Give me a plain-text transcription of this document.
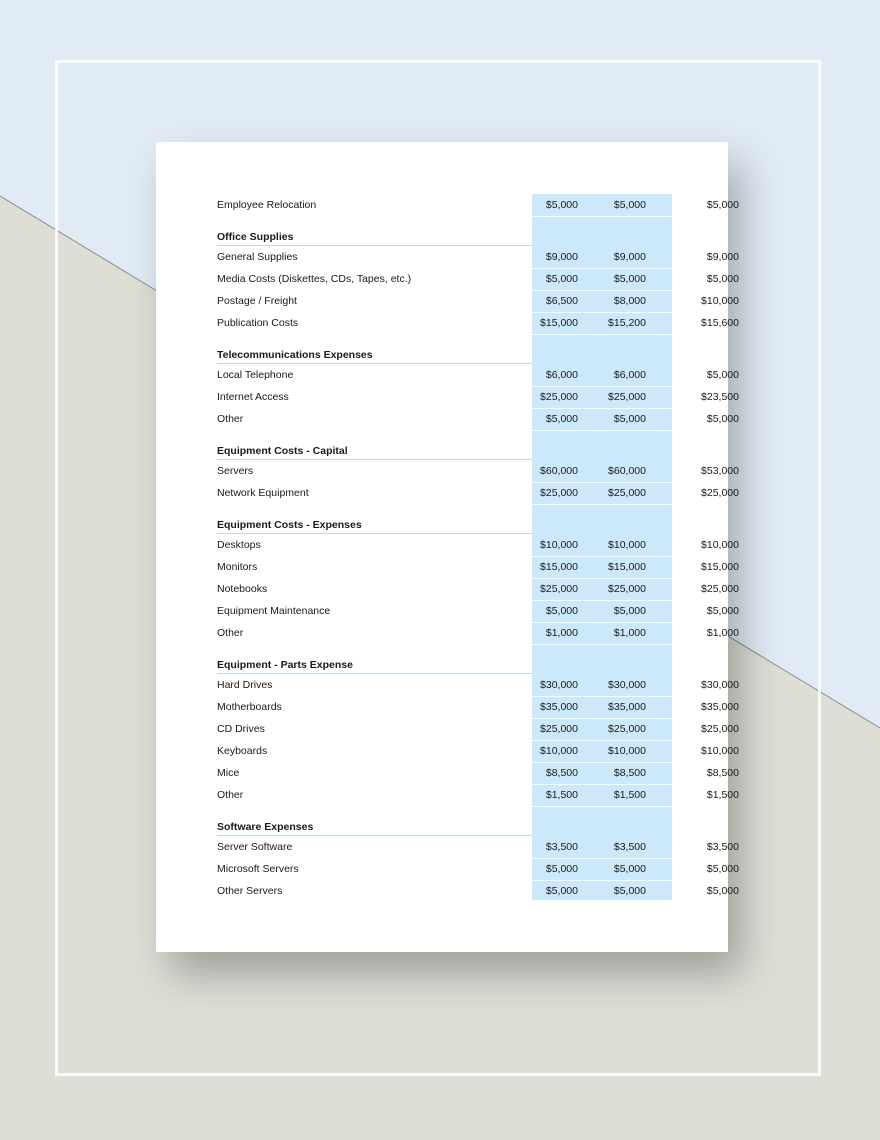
Employee Relocation	$5,000	$5,000	$5,000
Office Supplies
General Supplies	$9,000	$9,000	$9,000
Media Costs (Diskettes, CDs, Tapes, etc.)	$5,000	$5,000	$5,000
Postage / Freight	$6,500	$8,000	$10,000
Publication Costs	$15,000	$15,200	$15,600
Telecommunications Expenses
Local Telephone	$6,000	$6,000	$5,000
Internet Access	$25,000	$25,000	$23,500
Other	$5,000	$5,000	$5,000
Equipment Costs - Capital
Servers	$60,000	$60,000	$53,000
Network Equipment	$25,000	$25,000	$25,000
Equipment Costs - Expenses
Desktops	$10,000	$10,000	$10,000
Monitors	$15,000	$15,000	$15,000
Notebooks	$25,000	$25,000	$25,000
Equipment Maintenance	$5,000	$5,000	$5,000
Other	$1,000	$1,000	$1,000
Equipment - Parts Expense
Hard Drives	$30,000	$30,000	$30,000
Motherboards	$35,000	$35,000	$35,000
CD Drives	$25,000	$25,000	$25,000
Keyboards	$10,000	$10,000	$10,000
Mice	$8,500	$8,500	$8,500
Other	$1,500	$1,500	$1,500
Software Expenses
Server Software	$3,500	$3,500	$3,500
Microsoft Servers	$5,000	$5,000	$5,000
Other Servers	$5,000	$5,000	$5,000
